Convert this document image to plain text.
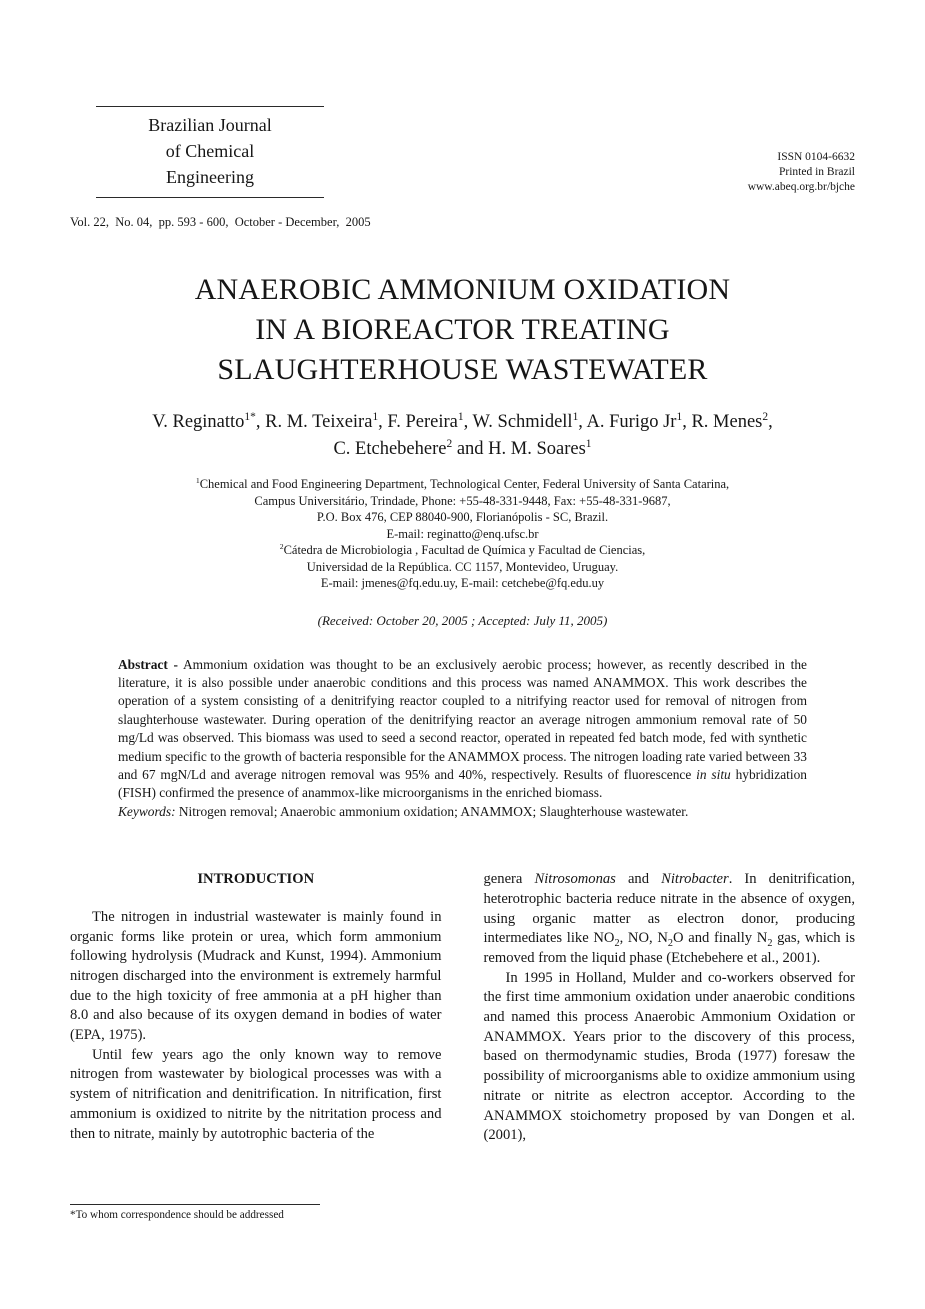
Brazilian Journal
of Chemical
Engineering
ISSN 0104-6632
Printed in Brazil
www.abeq.org.br/bjche
Vol. 22,  No. 04,  pp. 593 - 600,  October - December,  2005
ANAEROBIC AMMONIUM OXIDATION
IN A BIOREACTOR TREATING
SLAUGHTERHOUSE WASTEWATER
V. Reginatto$^{1*}$, R. M. Teixeira$^1$, F. Pereira$^1$, W. Schmidell$^1$, A. Furigo Jr$^1$, R. Menes$^2$,
C. Etchebehere$^2$ and H. M. Soares$^1$
$^1$Chemical and Food Engineering Department, Technological Center, Federal University of Santa Catarina,
Campus Universitário, Trindade, Phone: +55-48-331-9448, Fax: +55-48-331-9687,
P.O. Box 476, CEP 88040-900, Florianópolis - SC, Brazil.
E-mail: reginatto@enq.ufsc.br
$^2$Cátedra de Microbiologia , Facultad de Química y Facultad de Ciencias,
Universidad de la República. CC 1157, Montevideo, Uruguay.
E-mail: jmenes@fq.edu.uy, E-mail: cetchebe@fq.edu.uy
(Received: October 20, 2005 ; Accepted: July 11, 2005)

Abstract - Ammonium oxidation was thought to be an exclusively aerobic process; however, as recently described in the literature, it is also possible under anaerobic conditions and this process was named ANAMMOX. This work describes the operation of a system consisting of a denitrifying reactor coupled to a nitrifying reactor used for removal of nitrogen from slaughterhouse wastewater. During operation of the denitrifying reactor an average nitrogen ammonium removal rate of 50 mg/Ld was observed. This biomass was used to seed a second reactor, operated in repeated fed batch mode, fed with synthetic medium specific to the growth of bacteria responsible for the ANAMMOX process. The nitrogen loading rate varied between 33 and 67 mgN/Ld and average nitrogen removal was 95% and 40%, respectively. Results of fluorescence in situ hybridization (FISH) confirmed the presence of anammox-like microorganisms in the enriched biomass.

Keywords: Nitrogen removal; Anaerobic ammonium oxidation; ANAMMOX; Slaughterhouse wastewater.

INTRODUCTION

The nitrogen in industrial wastewater is mainly found in organic forms like protein or urea, which form ammonium following hydrolysis (Mudrack and Kunst, 1994). Ammonium nitrogen discharged into the environment is extremely harmful due to the high toxicity of free ammonia at a pH higher than 8.0 and also because of its oxygen demand in bodies of water (EPA, 1975).

Until few years ago the only known way to remove nitrogen from wastewater by biological processes was with a system of nitrification and denitrification. In nitrification, first ammonium is oxidized to nitrite by the nitritation process and then to nitrate, mainly by autotrophic bacteria of the

genera Nitrosomonas and Nitrobacter. In denitrification, heterotrophic bacteria reduce nitrate in the absence of oxygen, using organic matter as electron donor, producing intermediates like $NO_2$, NO, $N_2O$ and finally $N_2$ gas, which is removed from the liquid phase (Etchebehere et al., 2001).

In 1995 in Holland, Mulder and co-workers observed for the first time ammonium oxidation under anaerobic conditions and named this process Anaerobic Ammonium Oxidation or ANAMMOX. Years prior to the discovery of this process, based on thermodynamic studies, Broda (1977) foresaw the possibility of microorganisms able to oxidize ammonium using nitrate or nitrite as electron acceptor. According to the ANAMMOX stoichometry proposed by van Dongen et al. (2001),

*To whom correspondence should be addressed
